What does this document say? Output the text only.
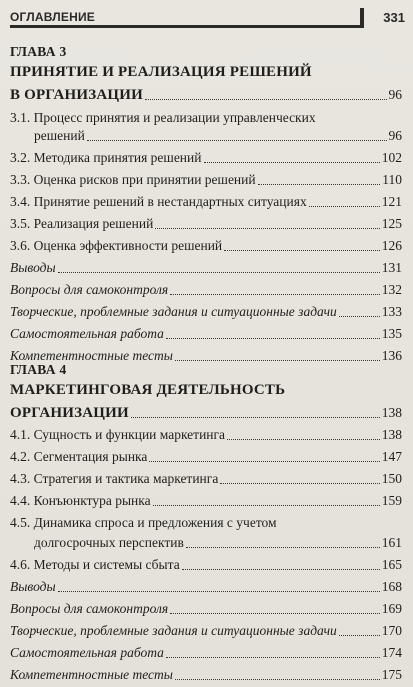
ОГЛАВЛЕНИЕ	331
ГЛАВА 3
ПРИНЯТИЕ И РЕАЛИЗАЦИЯ РЕШЕНИЙ
В ОРГАНИЗАЦИИ	96
3.1. Процесс принятия и реализации управленческих
решений	96
3.2. Методика принятия решений	102
3.3. Оценка рисков при принятии решений	110
3.4. Принятие решений в нестандартных ситуациях	121
3.5. Реализация решений	125
3.6. Оценка эффективности решений	126
Выводы	131
Вопросы для самоконтроля	132
Творческие, проблемные задания и ситуационные задачи	133
Самостоятельная работа	135
Компетентностные тесты	136
ГЛАВА 4
МАРКЕТИНГОВАЯ ДЕЯТЕЛЬНОСТЬ
ОРГАНИЗАЦИИ	138
4.1. Сущность и функции маркетинга	138
4.2. Сегментация рынка	147
4.3. Стратегия и тактика маркетинга	150
4.4. Конъюнктура рынка	159
4.5. Динамика спроса и предложения с учетом
долгосрочных перспектив	161
4.6. Методы и системы сбыта	165
Выводы	168
Вопросы для самоконтроля	169
Творческие, проблемные задания и ситуационные задачи	170
Самостоятельная работа	174
Компетентностные тесты	175
